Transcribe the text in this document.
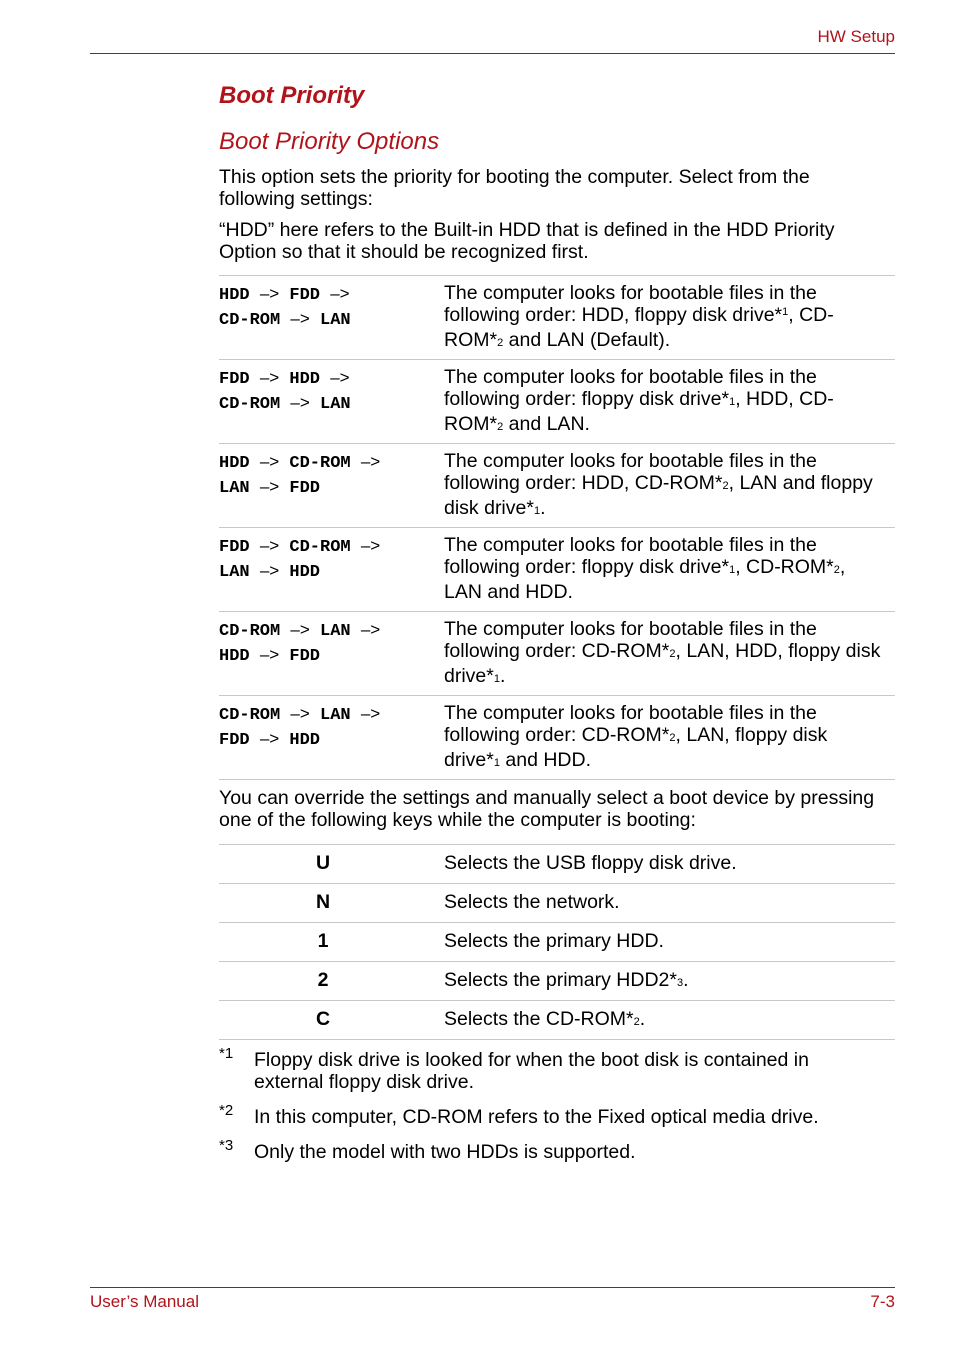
HW Setup
Boot Priority
Boot Priority Options
This option sets the priority for booting the computer. Select from the following settings:
“HDD” here refers to the Built-in HDD that is defined in the HDD Priority Option so that it should be recognized first.
HDD –> FDD –>
CD-ROM –> LAN
The computer looks for bootable files in the following order: HDD, floppy disk drive*$^1$, CD-ROM*2 and LAN (Default).
FDD –> HDD –>
CD-ROM –> LAN
The computer looks for bootable files in the following order: floppy disk drive*1, HDD, CD-ROM*2 and LAN.
HDD –> CD-ROM –>
LAN –> FDD
The computer looks for bootable files in the following order: HDD, CD-ROM*2, LAN and floppy disk drive*1.
FDD –> CD-ROM –>
LAN –> HDD
The computer looks for bootable files in the following order: floppy disk drive*1, CD-ROM*2, LAN and HDD.
CD-ROM –> LAN –>
HDD –> FDD
The computer looks for bootable files in the following order: CD-ROM*2, LAN, HDD, floppy disk drive*1.
CD-ROM –> LAN –>
FDD –> HDD
The computer looks for bootable files in the following order: CD-ROM*2, LAN, floppy disk drive*1 and HDD.
You can override the settings and manually select a boot device by pressing one of the following keys while the computer is booting:
U	Selects the USB floppy disk drive.
N	Selects the network.
1	Selects the primary HDD.
2	Selects the primary HDD2*3.
C	Selects the CD-ROM*2.
*1 Floppy disk drive is looked for when the boot disk is contained in external floppy disk drive.
*2 In this computer, CD-ROM refers to the Fixed optical media drive.
*3 Only the model with two HDDs is supported.
User’s Manual	7-3
